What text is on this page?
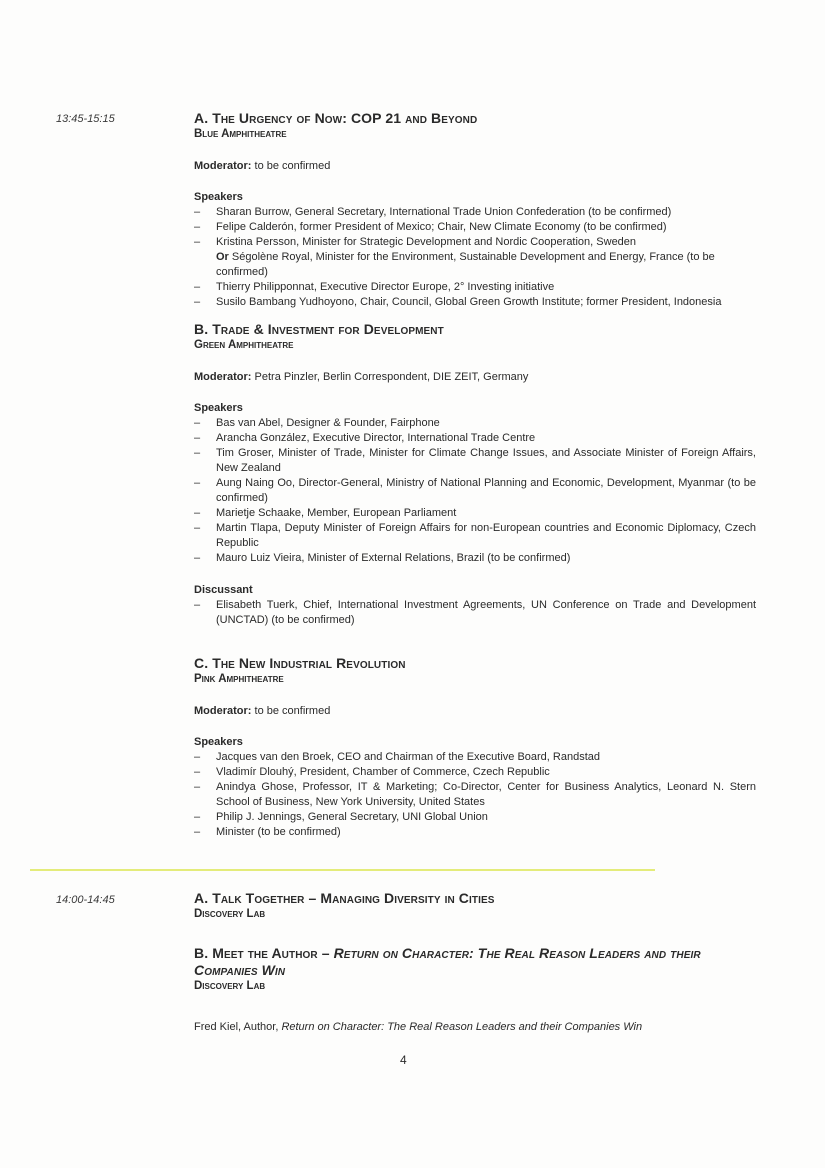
13:45-15:15	A. The Urgency of Now: COP 21 and Beyond
Blue Amphitheatre
Moderator: to be confirmed
Speakers
– Sharan Burrow, General Secretary, International Trade Union Confederation (to be confirmed)
– Felipe Calderón, former President of Mexico; Chair, New Climate Economy (to be confirmed)
– Kristina Persson, Minister for Strategic Development and Nordic Cooperation, Sweden
Or Ségolène Royal, Minister for the Environment, Sustainable Development and Energy, France (to be confirmed)
– Thierry Philipponnat, Executive Director Europe, 2° Investing initiative
– Susilo Bambang Yudhoyono, Chair, Council, Global Green Growth Institute; former President, Indonesia
B. Trade & Investment for Development
Green Amphitheatre
Moderator: Petra Pinzler, Berlin Correspondent, DIE ZEIT, Germany
Speakers
– Bas van Abel, Designer & Founder, Fairphone
– Arancha González, Executive Director, International Trade Centre
– Tim Groser, Minister of Trade, Minister for Climate Change Issues, and Associate Minister of Foreign Affairs, New Zealand
– Aung Naing Oo, Director-General, Ministry of National Planning and Economic, Development, Myanmar (to be confirmed)
– Marietje Schaake, Member, European Parliament
– Martin Tlapa, Deputy Minister of Foreign Affairs for non-European countries and Economic Diplomacy, Czech Republic
– Mauro Luiz Vieira, Minister of External Relations, Brazil (to be confirmed)
Discussant
– Elisabeth Tuerk, Chief, International Investment Agreements, UN Conference on Trade and Development (UNCTAD) (to be confirmed)
C. The New Industrial Revolution
Pink Amphitheatre
Moderator: to be confirmed
Speakers
– Jacques van den Broek, CEO and Chairman of the Executive Board, Randstad
– Vladimír Dlouhý, President, Chamber of Commerce, Czech Republic
– Anindya Ghose, Professor, IT & Marketing; Co-Director, Center for Business Analytics, Leonard N. Stern School of Business, New York University, United States
– Philip J. Jennings, General Secretary, UNI Global Union
– Minister (to be confirmed)
14:00-14:45	A. Talk Together – Managing Diversity in Cities
Discovery Lab
B. Meet the Author – Return on Character: The Real Reason Leaders and their Companies Win
Discovery Lab
Fred Kiel, Author, Return on Character: The Real Reason Leaders and their Companies Win
4
